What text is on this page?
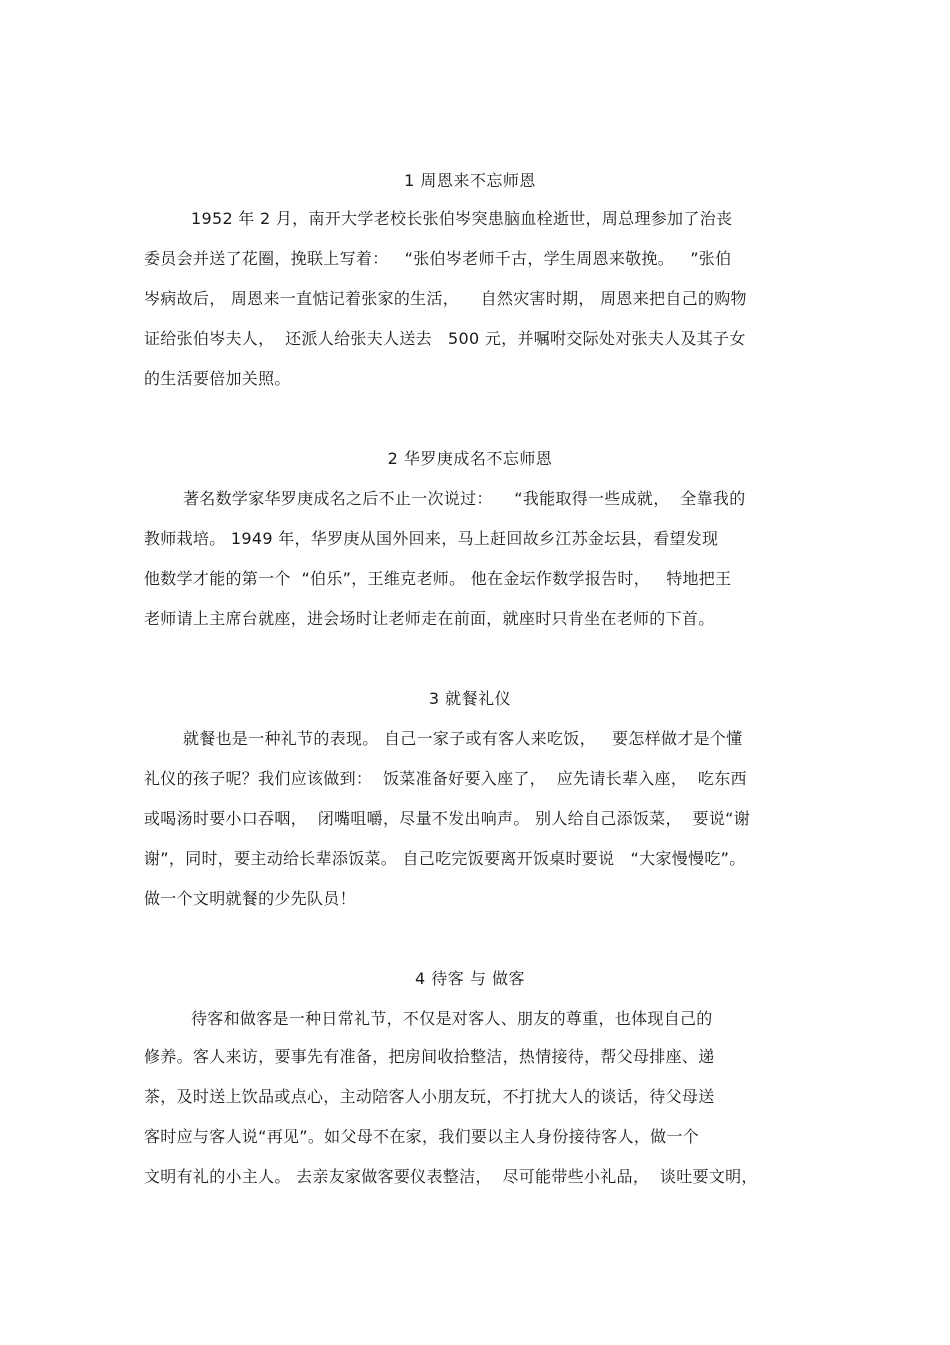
1 周恩来不忘师恩
1952 年 2 月，南开大学老校长张伯岑突患脑血栓逝世，周总理参加了治丧
委员会并送了花圈，挽联上写着：   “张伯岑老师千古，学生周恩来敬挽。   ”张伯
岑病故后， 周恩来一直惦记着张家的生活，    自然灾害时期， 周恩来把自己的购物
证给张伯岑夫人，  还派人给张夫人送去   500 元，并嘱咐交际处对张夫人及其子女
的生活要倍加关照。
2 华罗庚成名不忘师恩
著名数学家华罗庚成名之后不止一次说过：    “我能取得一些成就，  全靠我的
教师栽培。 1949 年，华罗庚从国外回来，马上赶回故乡江苏金坛县，看望发现
他数学才能的第一个  “伯乐”，王维克老师。 他在金坛作数学报告时，   特地把王
老师请上主席台就座，进会场时让老师走在前面，就座时只肯坐在老师的下首。
3 就餐礼仪
就餐也是一种礼节的表现。 自己一家子或有客人来吃饭，   要怎样做才是个懂
礼仪的孩子呢？我们应该做到：  饭菜准备好要入座了，  应先请长辈入座，  吃东西
或喝汤时要小口吞咽，  闭嘴咀嚼，尽量不发出响声。 别人给自己添饭菜，  要说“谢
谢”，同时，要主动给长辈添饭菜。 自己吃完饭要离开饭桌时要说   “大家慢慢吃”。
做一个文明就餐的少先队员！
4 待客 与 做客
待客和做客是一种日常礼节，不仅是对客人、朋友的尊重，也体现自己的
修养。客人来访，要事先有准备，把房间收拾整洁，热情接待，帮父母排座、递
茶，及时送上饮品或点心，主动陪客人小朋友玩，不打扰大人的谈话，待父母送
客时应与客人说“再见”。如父母不在家，我们要以主人身份接待客人，做一个
文明有礼的小主人。 去亲友家做客要仪表整洁，  尽可能带些小礼品，  谈吐要文明，
